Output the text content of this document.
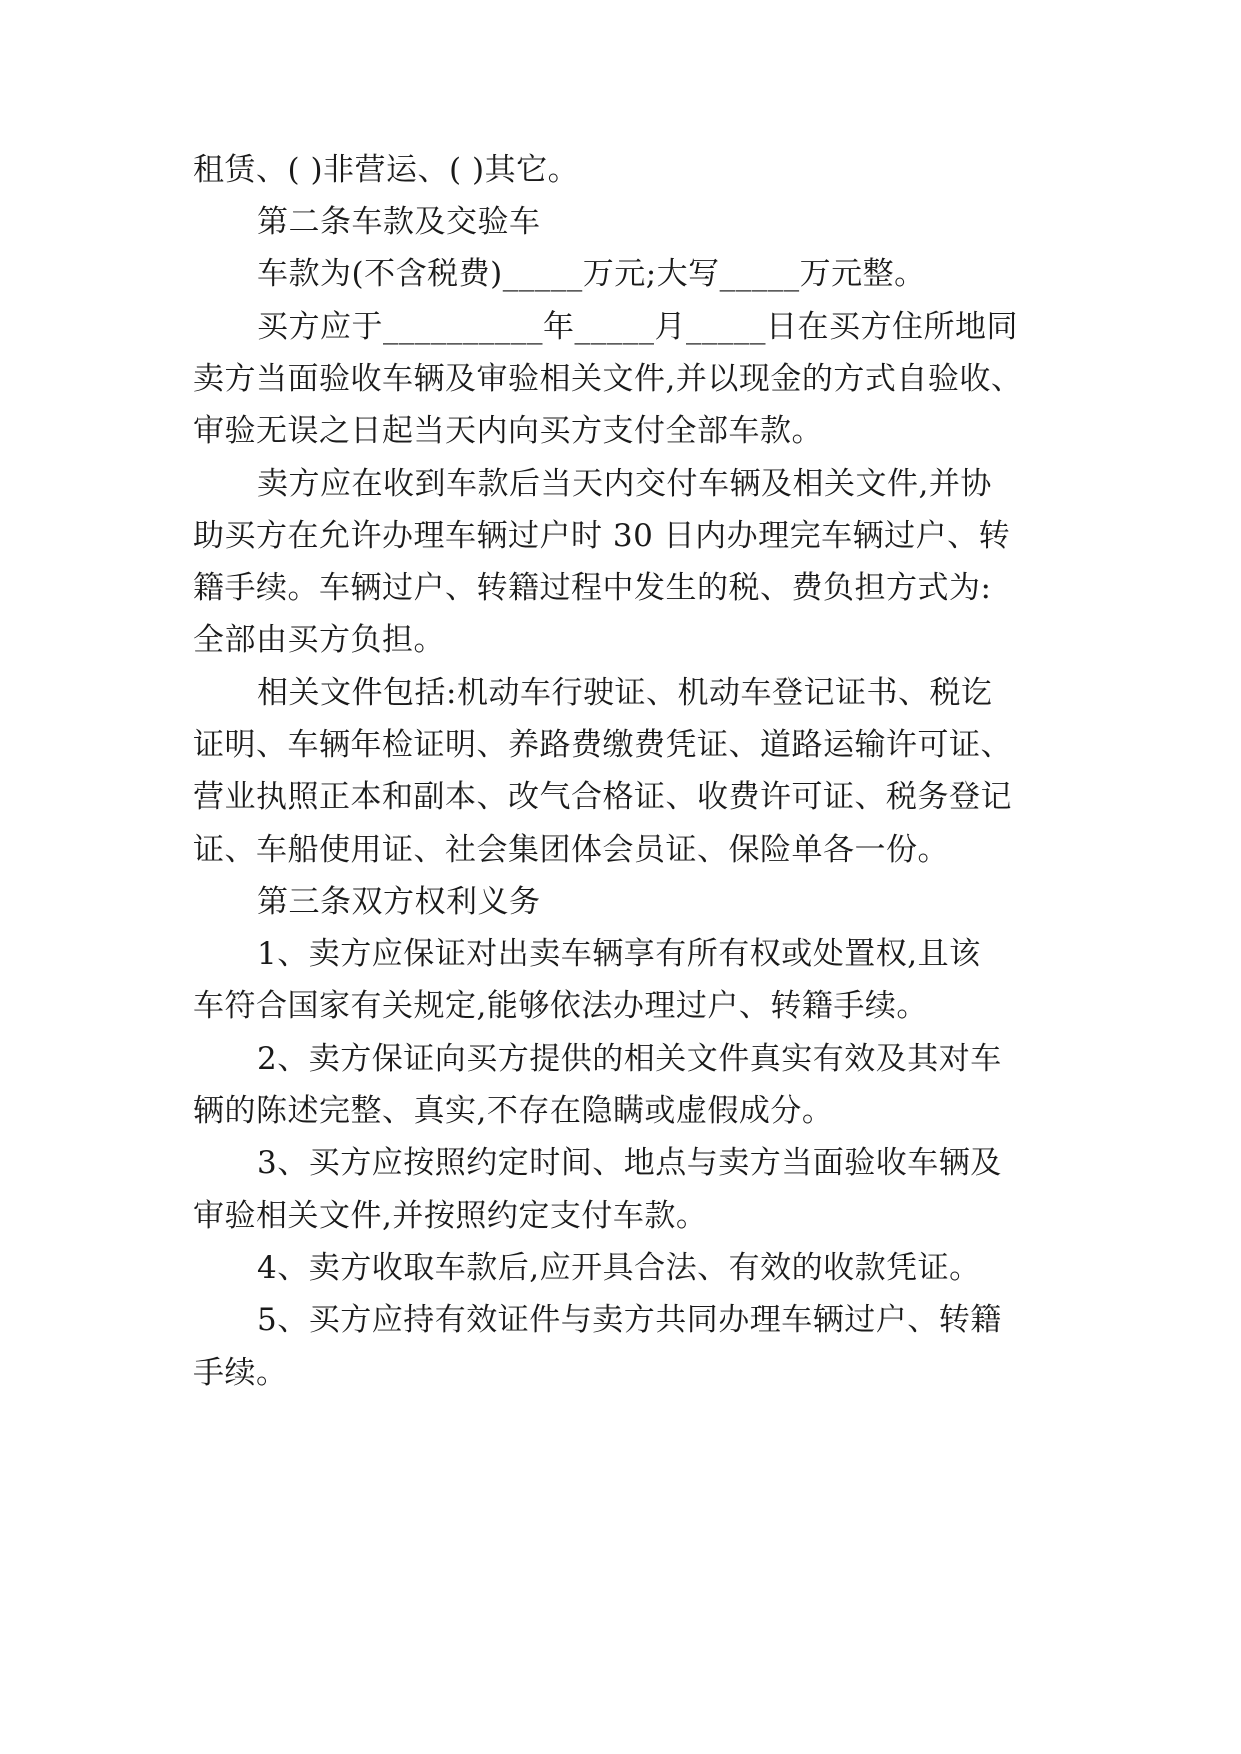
租赁、( )非营运、( )其它。
第二条车款及交验车
车款为(不含税费)_____万元;大写_____万元整。
买方应于__________年_____月_____日在买方住所地同
卖方当面验收车辆及审验相关文件,并以现金的方式自验收、
审验无误之日起当天内向买方支付全部车款。
卖方应在收到车款后当天内交付车辆及相关文件,并协
助买方在允许办理车辆过户时 30 日内办理完车辆过户、转
籍手续。车辆过户、转籍过程中发生的税、费负担方式为:
全部由买方负担。
相关文件包括:机动车行驶证、机动车登记证书、税讫
证明、车辆年检证明、养路费缴费凭证、道路运输许可证、
营业执照正本和副本、改气合格证、收费许可证、税务登记
证、车船使用证、社会集团体会员证、保险单各一份。
第三条双方权利义务
1、卖方应保证对出卖车辆享有所有权或处置权,且该
车符合国家有关规定,能够依法办理过户、转籍手续。
2、卖方保证向买方提供的相关文件真实有效及其对车
辆的陈述完整、真实,不存在隐瞒或虚假成分。
3、买方应按照约定时间、地点与卖方当面验收车辆及
审验相关文件,并按照约定支付车款。
4、卖方收取车款后,应开具合法、有效的收款凭证。
5、买方应持有效证件与卖方共同办理车辆过户、转籍
手续。
